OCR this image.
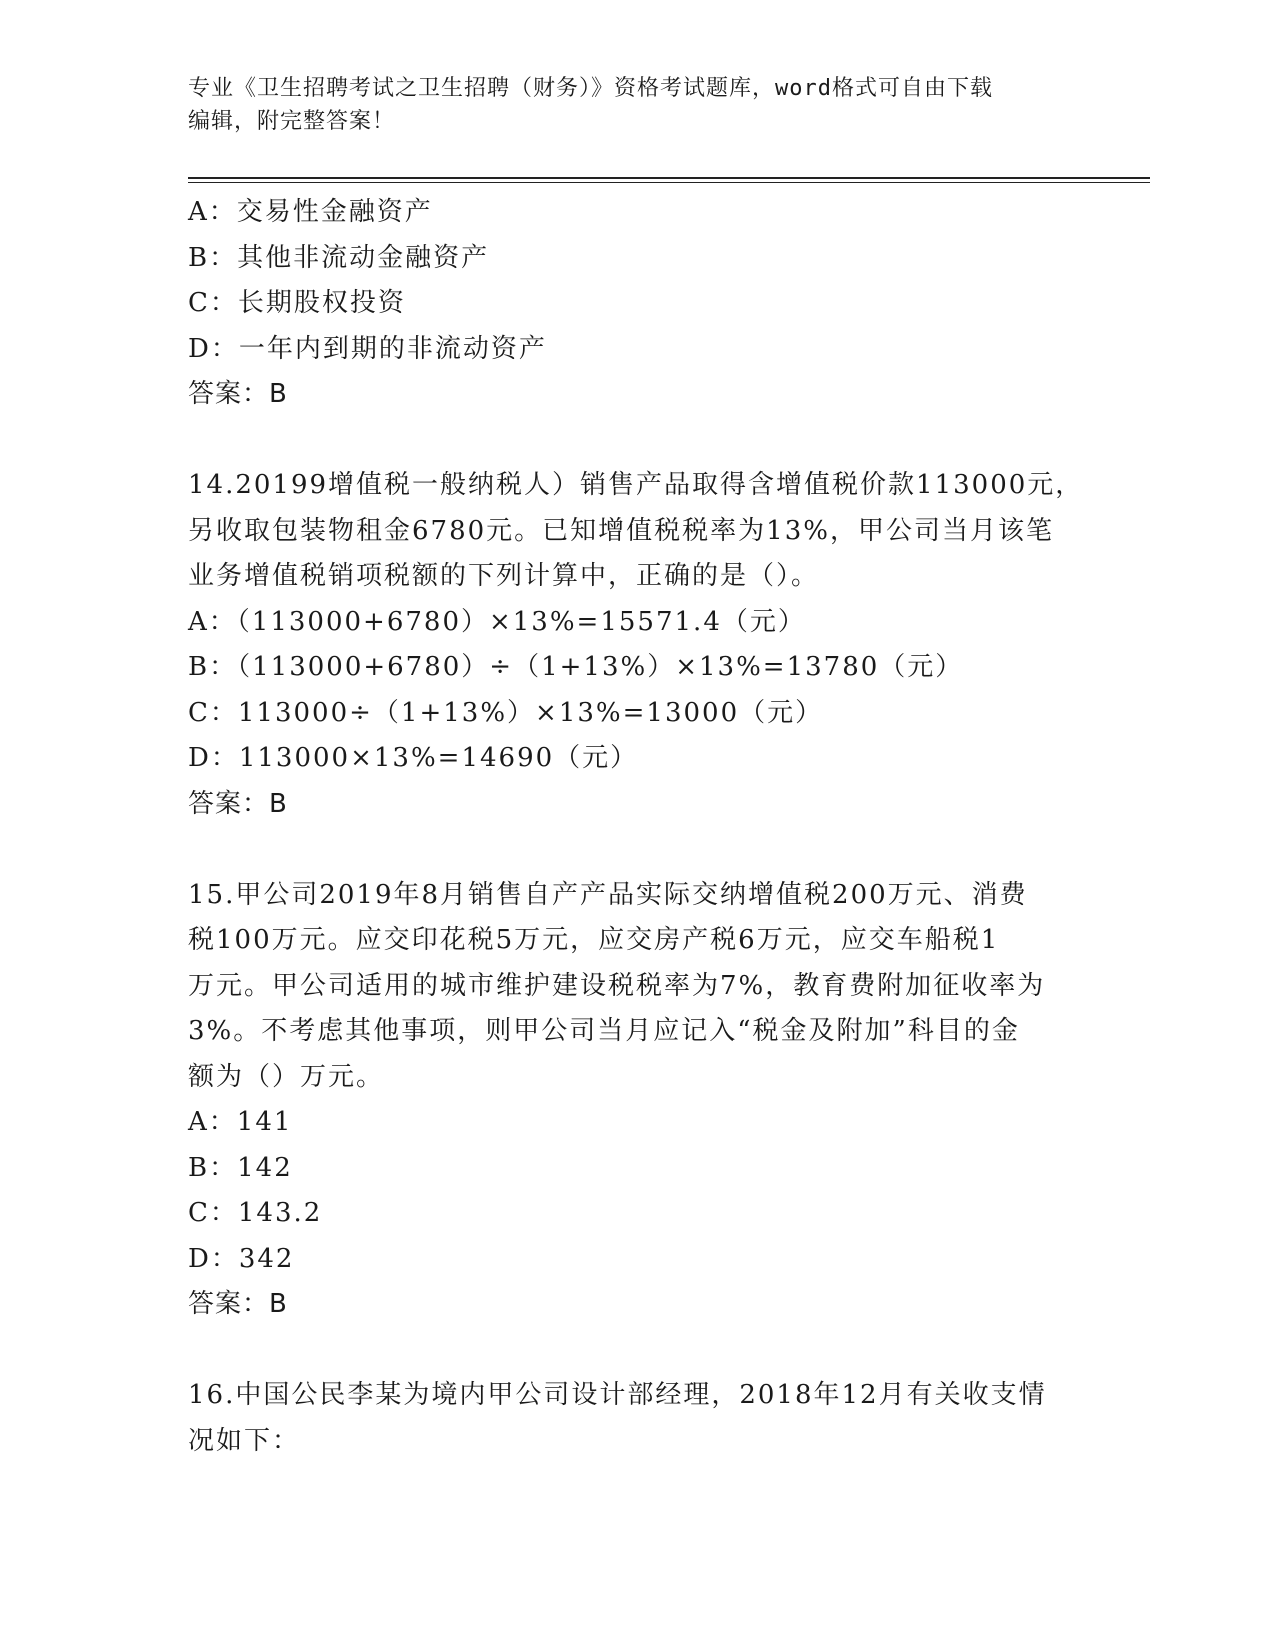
专业《卫生招聘考试之卫生招聘（财务）》资格考试题库，word格式可自由下载
编辑，附完整答案！
A：交易性金融资产
B：其他非流动金融资产
C：长期股权投资
D：一年内到期的非流动资产
答案：B
14.20199增值税一般纳税人）销售产品取得含增值税价款113000元，
另收取包装物租金6780元。已知增值税税率为13%，甲公司当月该笔
业务增值税销项税额的下列计算中，正确的是（）。
A：（113000+6780）×13%=15571.4（元）
B：（113000+6780）÷（1+13%）×13%=13780（元）
C：113000÷（1+13%）×13%=13000（元）
D：113000×13%=14690（元）
答案：B
15.甲公司2019年8月销售自产产品实际交纳增值税200万元、消费
税100万元。应交印花税5万元，应交房产税6万元，应交车船税1
万元。甲公司适用的城市维护建设税税率为7%，教育费附加征收率为
3%。不考虑其他事项，则甲公司当月应记入“税金及附加”科目的金
额为（）万元。
A：141
B：142
C：143.2
D：342
答案：B
16.中国公民李某为境内甲公司设计部经理，2018年12月有关收支情
况如下：
